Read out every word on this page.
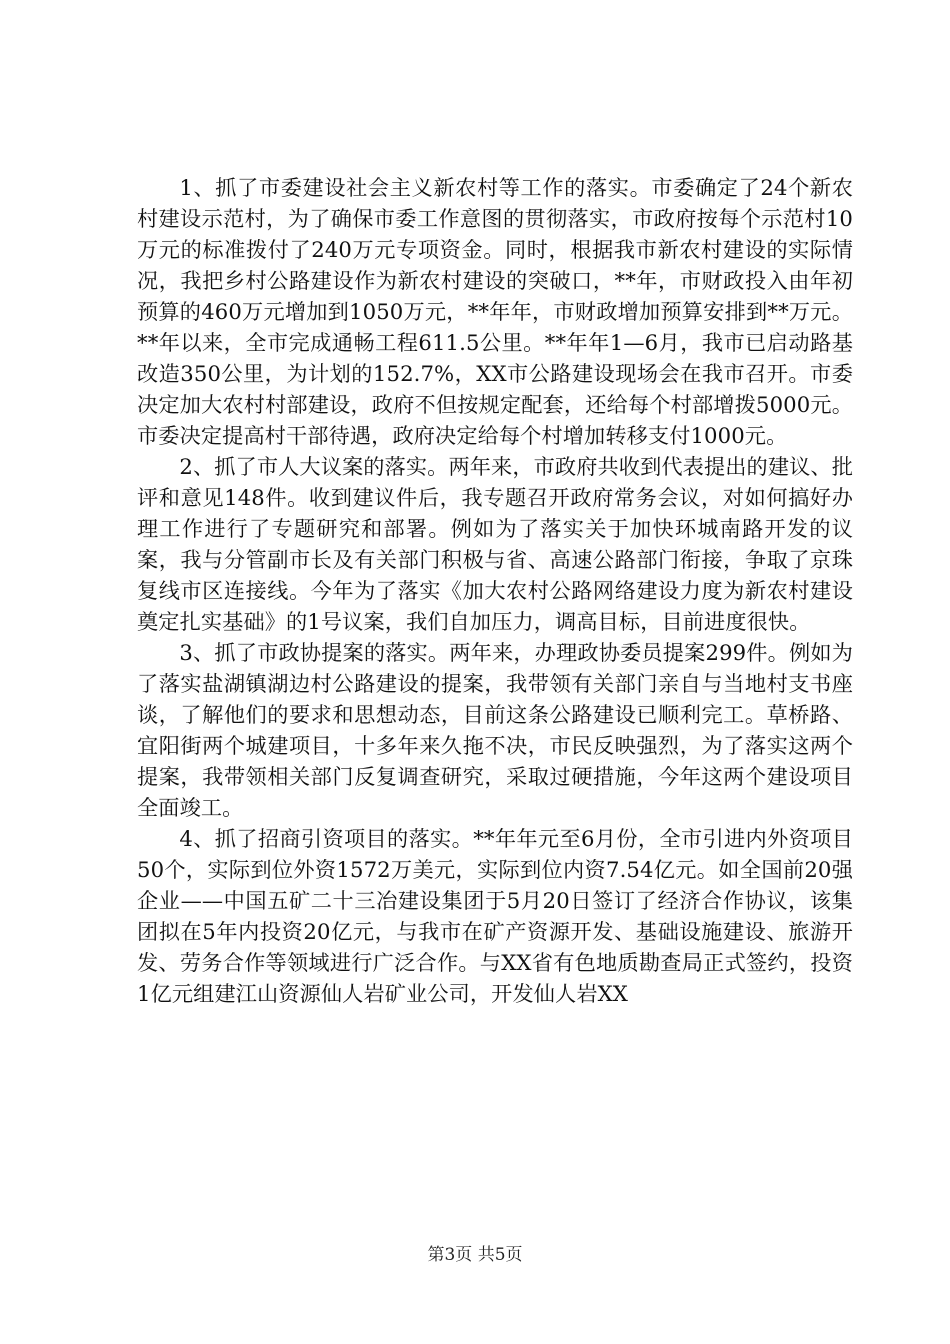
1、抓了市委建设社会主义新农村等工作的落实。市委确定了24个新农村建设示范村，为了确保市委工作意图的贯彻落实，市政府按每个示范村10万元的标准拨付了240万元专项资金。同时，根据我市新农村建设的实际情况，我把乡村公路建设作为新农村建设的突破口，**年，市财政投入由年初预算的460万元增加到1050万元，**年年，市财政增加预算安排到**万元。**年以来，全市完成通畅工程611.5公里。**年年1—6月，我市已启动路基改造350公里，为计划的152.7%，XX市公路建设现场会在我市召开。市委决定加大农村村部建设，政府不但按规定配套，还给每个村部增拨5000元。市委决定提高村干部待遇，政府决定给每个村增加转移支付1000元。

2、抓了市人大议案的落实。两年来，市政府共收到代表提出的建议、批评和意见148件。收到建议件后，我专题召开政府常务会议，对如何搞好办理工作进行了专题研究和部署。例如为了落实关于加快环城南路开发的议案，我与分管副市长及有关部门积极与省、高速公路部门衔接，争取了京珠复线市区连接线。今年为了落实《加大农村公路网络建设力度为新农村建设奠定扎实基础》的1号议案，我们自加压力，调高目标，目前进度很快。

3、抓了市政协提案的落实。两年来，办理政协委员提案299件。例如为了落实盐湖镇湖边村公路建设的提案，我带领有关部门亲自与当地村支书座谈，了解他们的要求和思想动态，目前这条公路建设已顺利完工。草桥路、宜阳街两个城建项目，十多年来久拖不决，市民反映强烈，为了落实这两个提案，我带领相关部门反复调查研究，采取过硬措施，今年这两个建设项目全面竣工。

4、抓了招商引资项目的落实。**年年元至6月份，全市引进内外资项目50个，实际到位外资1572万美元，实际到位内资7.54亿元。如全国前20强企业——中国五矿二十三冶建设集团于5月20日签订了经济合作协议，该集团拟在5年内投资20亿元，与我市在矿产资源开发、基础设施建设、旅游开发、劳务合作等领域进行广泛合作。与XX省有色地质勘查局正式签约，投资1亿元组建江山资源仙人岩矿业公司，开发仙人岩XX

第3页 共5页
